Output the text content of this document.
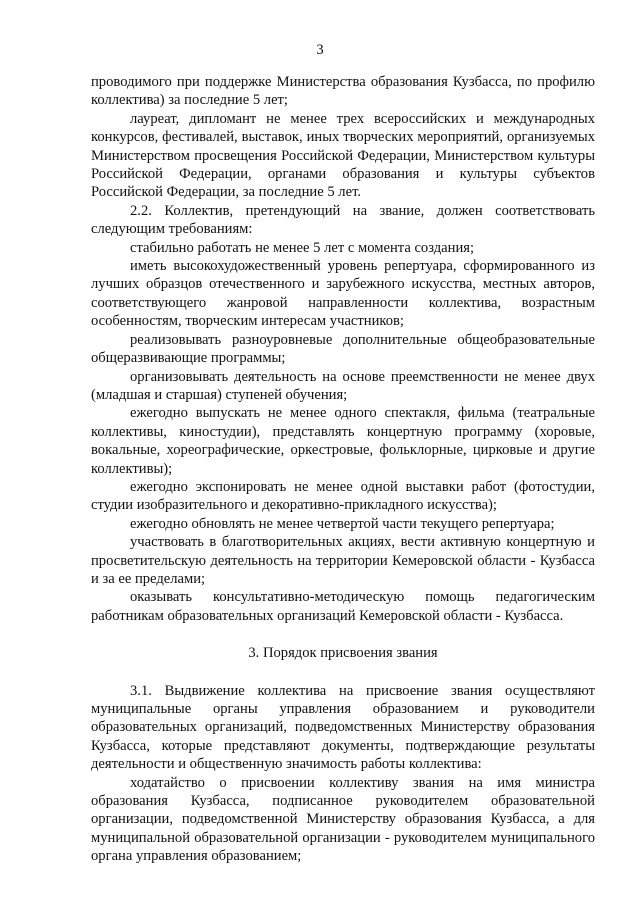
3

проводимого при поддержке Министерства образования Кузбасса, по профилю коллектива) за последние 5 лет;

лауреат, дипломант не менее трех всероссийских и международных конкурсов, фестивалей, выставок, иных творческих мероприятий, организуемых Министерством просвещения Российской Федерации, Министерством культуры Российской Федерации, органами образования и культуры субъектов Российской Федерации, за последние 5 лет.

2.2. Коллектив, претендующий на звание, должен соответствовать следующим требованиям:

стабильно работать не менее 5 лет с момента создания;

иметь высокохудожественный уровень репертуара, сформированного из лучших образцов отечественного и зарубежного искусства, местных авторов, соответствующего жанровой направленности коллектива, возрастным особенностям, творческим интересам участников;

реализовывать разноуровневые дополнительные общеобразовательные общеразвивающие программы;

организовывать деятельность на основе преемственности не менее двух (младшая и старшая) ступеней обучения;

ежегодно выпускать не менее одного спектакля, фильма (театральные коллективы, киностудии), представлять концертную программу (хоровые, вокальные, хореографические, оркестровые, фольклорные, цирковые и другие коллективы);

ежегодно экспонировать не менее одной выставки работ (фотостудии, студии изобразительного и декоративно-прикладного искусства);

ежегодно обновлять не менее четвертой части текущего репертуара;

участвовать в благотворительных акциях, вести активную концертную и просветительскую деятельность на территории Кемеровской области - Кузбасса и за ее пределами;

оказывать консультативно-методическую помощь педагогическим работникам образовательных организаций Кемеровской области - Кузбасса.

3. Порядок присвоения звания

3.1. Выдвижение коллектива на присвоение звания осуществляют муниципальные органы управления образованием и руководители образовательных организаций, подведомственных Министерству образования Кузбасса, которые представляют документы, подтверждающие результаты деятельности и общественную значимость работы коллектива:

ходатайство о присвоении коллективу звания на имя министра образования Кузбасса, подписанное руководителем образовательной организации, подведомственной Министерству образования Кузбасса, а для муниципальной образовательной организации - руководителем муниципального органа управления образованием;
